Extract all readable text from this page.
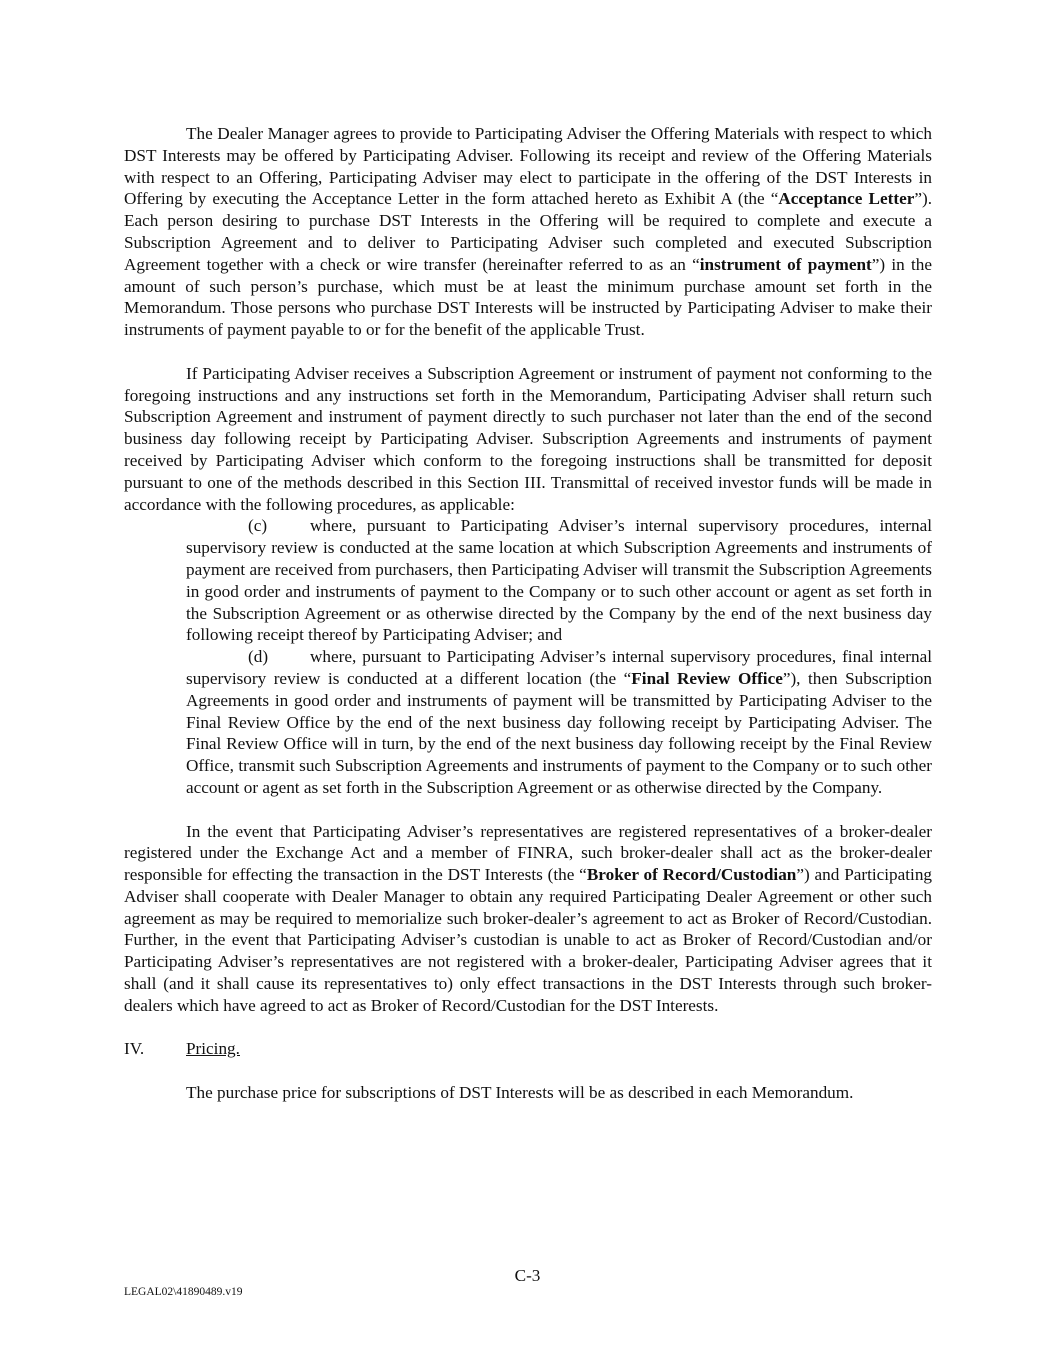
The Dealer Manager agrees to provide to Participating Adviser the Offering Materials with respect to which DST Interests may be offered by Participating Adviser. Following its receipt and review of the Offering Materials with respect to an Offering, Participating Adviser may elect to participate in the offering of the DST Interests in Offering by executing the Acceptance Letter in the form attached hereto as Exhibit A (the “Acceptance Letter”). Each person desiring to purchase DST Interests in the Offering will be required to complete and execute a Subscription Agreement and to deliver to Participating Adviser such completed and executed Subscription Agreement together with a check or wire transfer (hereinafter referred to as an “instrument of payment”) in the amount of such person’s purchase, which must be at least the minimum purchase amount set forth in the Memorandum. Those persons who purchase DST Interests will be instructed by Participating Adviser to make their instruments of payment payable to or for the benefit of the applicable Trust.

If Participating Adviser receives a Subscription Agreement or instrument of payment not conforming to the foregoing instructions and any instructions set forth in the Memorandum, Participating Adviser shall return such Subscription Agreement and instrument of payment directly to such purchaser not later than the end of the second business day following receipt by Participating Adviser. Subscription Agreements and instruments of payment received by Participating Adviser which conform to the foregoing instructions shall be transmitted for deposit pursuant to one of the methods described in this Section III. Transmittal of received investor funds will be made in accordance with the following procedures, as applicable:

(c) where, pursuant to Participating Adviser’s internal supervisory procedures, internal supervisory review is conducted at the same location at which Subscription Agreements and instruments of payment are received from purchasers, then Participating Adviser will transmit the Subscription Agreements in good order and instruments of payment to the Company or to such other account or agent as set forth in the Subscription Agreement or as otherwise directed by the Company by the end of the next business day following receipt thereof by Participating Adviser; and

(d) where, pursuant to Participating Adviser’s internal supervisory procedures, final internal supervisory review is conducted at a different location (the “Final Review Office”), then Subscription Agreements in good order and instruments of payment will be transmitted by Participating Adviser to the Final Review Office by the end of the next business day following receipt by Participating Adviser. The Final Review Office will in turn, by the end of the next business day following receipt by the Final Review Office, transmit such Subscription Agreements and instruments of payment to the Company or to such other account or agent as set forth in the Subscription Agreement or as otherwise directed by the Company.

In the event that Participating Adviser’s representatives are registered representatives of a broker-dealer registered under the Exchange Act and a member of FINRA, such broker-dealer shall act as the broker-dealer responsible for effecting the transaction in the DST Interests (the “Broker of Record/Custodian”) and Participating Adviser shall cooperate with Dealer Manager to obtain any required Participating Dealer Agreement or other such agreement as may be required to memorialize such broker-dealer’s agreement to act as Broker of Record/Custodian. Further, in the event that Participating Adviser’s custodian is unable to act as Broker of Record/Custodian and/or Participating Adviser’s representatives are not registered with a broker-dealer, Participating Adviser agrees that it shall (and it shall cause its representatives to) only effect transactions in the DST Interests through such broker-dealers which have agreed to act as Broker of Record/Custodian for the DST Interests.

IV.	Pricing.

The purchase price for subscriptions of DST Interests will be as described in each Memorandum.

C-3
LEGAL02\41890489.v19
